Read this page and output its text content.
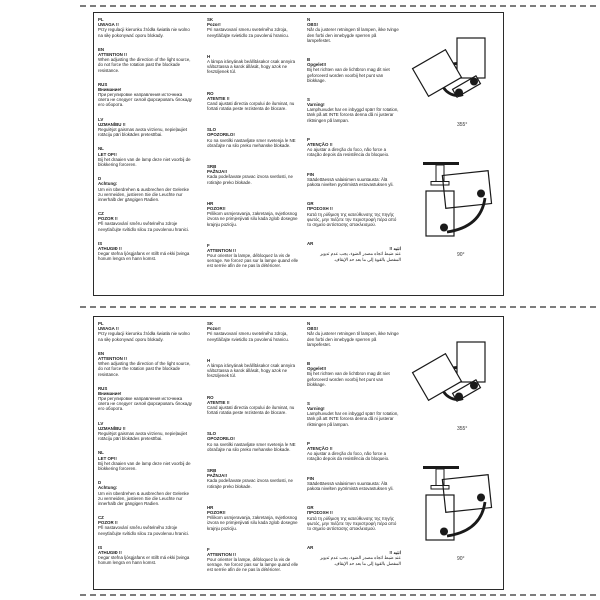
PL
UWAGA !!
Przy regulacji kierunku źródła światła nie wolno na siłę pokonywać oporu blokady.
EN
ATTENTION !!
When adjusting the direction of the light source, do not force the rotation past the blockade resistance.
RUS
Внимание!
При регулировке направления источника света не следует силой форсировать блокаду его оборота.
LV
UZMANĪBU !!
Regulējot gaismas avota virzienu, nepieļaujiet rotāciju pāri blokādes pretestībai.
NL
LET OP!!
Bij het draaien van de lamp deze niet voorbij de blokkering forceren.
D
Achtung:
Um ein überdrehen & ausbrechen der Gelenke zu vermeiden, justieren Sie die Leuchte nur innerhalb der gängigen Radien.
CZ
POZOR !!
Při nastavování směru světelného zdroje nevytlačujte svítidlo silou za povolenou hranici.
IS
ATHUGIÐ !!
Þegar stefna ljósgjafans er stillt má ekki þvinga honum lengra en hann komst.
SK
Pozor!
Pri nastavovaní smeru svetelného zdroja, nevytláčajte svietidlo za povolenú hranicu.
H
A lámpa irányának beállításakor csak annyira változtassa a karok állását, hogy azok ne feszüljenek túl.
RO
ATENTIE !!
Cand ajustati directia corpului de iluminat, nu fortati rotatia peste rezistenta de blocare.
SLO
OPOZORILO!
Ko na svetilki nastavljate smer svetenja le NE obračajte na silo preko mehanske blokade.
SRB
PAŽNJA!!
Kada podešavate pravac izvora svetlosti, ne rotirajte preko blokade.
HR
POZOR!!
Prilikom usmjeravanja, zakretanja, svjetlosnog izvora ne primjenjivati silu kada zglob dosegne krajnju poziciju.
F
ATTENTION !!
Pour orienter la lampe, débloquez la vis de serrage. Ne forcez pas sur la lampe quand elle est serrée afin de ne pas la détériorer.
N
OBS!
Når du justerer retningen til lampen, ikke tvinge den forbi den innebygde sperren på lampefestet.
B
Opgelet!!
Bij het richten van de lichtbron mag dit niet geforceerd worden voorbij het punt van blokkage.
S
Varning!
Lamphuvudet har en inbyggd spärr för rotation, tänk på att INTE forcera denna då ni justerar riktningen på lampan.
P
ATENÇÃO !!
Ao ajustar a direção do foco, não force a rotação depois da resistência do bloqueio.
FIN
Säädettäessä valaisimen suuntausta: Älä pakota nivelten pyörimistä estovastuksen yli.
GR
ΠΡΟΣΟΧΗ !!
Κατά τη ρύθμιση της κατεύθυνσης της πηγής φωτός, μην πιέζετε την περιστροφή πέρα από το σημείο αντίστασης αποκλεισμού.
AR
انتبه !!
عند ضبط اتجاه مصدر الضوء، يجب عدم تدوير المفصل بالقوة إلى ما بعد حد الإيقاف.
355°
90°
PL
UWAGA !!
Przy regulacji kierunku źródła światła nie wolno na siłę pokonywać oporu blokady.
EN
ATTENTION !!
When adjusting the direction of the light source, do not force the rotation past the blockade resistance.
RUS
Внимание!
При регулировке направления источника света не следует силой форсировать блокаду его оборота.
LV
UZMANĪBU !!
Regulējot gaismas avota virzienu, nepieļaujiet rotāciju pāri blokādes pretestībai.
NL
LET OP!!
Bij het draaien van de lamp deze niet voorbij de blokkering forceren.
D
Achtung:
Um ein überdrehen & ausbrechen der Gelenke zu vermeiden, justieren Sie die Leuchte nur innerhalb der gängigen Radien.
CZ
POZOR !!
Při nastavování směru světelného zdroje nevytlačujte svítidlo silou za povolenou hranici.
IS
ATHUGIÐ !!
Þegar stefna ljósgjafans er stillt má ekki þvinga honum lengra en hann komst.
SK
Pozor!
Pri nastavovaní smeru svetelného zdroja, nevytláčajte svietidlo za povolenú hranicu.
H
A lámpa irányának beállításakor csak annyira változtassa a karok állását, hogy azok ne feszüljenek túl.
RO
ATENTIE !!
Cand ajustati directia corpului de iluminat, nu fortati rotatia peste rezistenta de blocare.
SLO
OPOZORILO!
Ko na svetilki nastavljate smer svetenja le NE obračajte na silo preko mehanske blokade.
SRB
PAŽNJA!!
Kada podešavate pravac izvora svetlosti, ne rotirajte preko blokade.
HR
POZOR!!
Prilikom usmjeravanja, zakretanja, svjetlosnog izvora ne primjenjivati silu kada zglob dosegne krajnju poziciju.
F
ATTENTION !!
Pour orienter la lampe, débloquez la vis de serrage. Ne forcez pas sur la lampe quand elle est serrée afin de ne pas la détériorer.
N
OBS!
Når du justerer retningen til lampen, ikke tvinge den forbi den innebygde sperren på lampefestet.
B
Opgelet!!
Bij het richten van de lichtbron mag dit niet geforceerd worden voorbij het punt van blokkage.
S
Varning!
Lamphuvudet har en inbyggd spärr för rotation, tänk på att INTE forcera denna då ni justerar riktningen på lampan.
P
ATENÇÃO !!
Ao ajustar a direção do foco, não force a rotação depois da resistência do bloqueio.
FIN
Säädettäessä valaisimen suuntausta: Älä pakota nivelten pyörimistä estovastuksen yli.
GR
ΠΡΟΣΟΧΗ !!
Κατά τη ρύθμιση της κατεύθυνσης της πηγής φωτός, μην πιέζετε την περιστροφή πέρα από το σημείο αντίστασης αποκλεισμού.
AR
انتبه !!
عند ضبط اتجاه مصدر الضوء، يجب عدم تدوير المفصل بالقوة إلى ما بعد حد الإيقاف.
355°
90°
